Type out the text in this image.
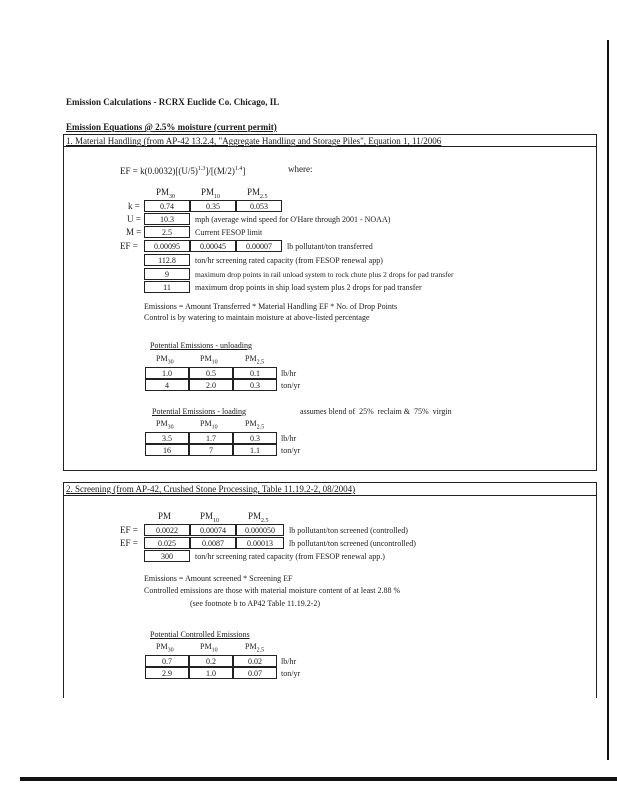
Emission Calculations - RCRX Euclide Co. Chicago, IL
Emission Equations @ 2.5% moisture (current permit)
1. Material Handling (from AP-42 13.2.4, "Aggregate Handling and Storage Piles", Equation 1, 11/2006
EF = $k(0.0032)[(U/5)^{1.3}]/[(M/2)^{1.4}]$	where:
$PM_{30}$	$PM_{10}$	$PM_{2.5}$
k =	0.74	0.35	0.053
U =	10.3	mph (average wind speed for O'Hare through 2001 - NOAA)
M =	2.5	Current FESOP limit
EF =	0.00095	0.00045	0.00007	lb pollutant/ton transferred
112.8	ton/hr screening rated capacity (from FESOP renewal app)
9	maximum drop points in rail unload system to rock chute plus 2 drops for pad transfer
11	maximum drop points in ship load system plus 2 drops for pad transfer
Emissions = Amount Transferred * Material Handling EF * No. of Drop Points
Control is by watering to maintain moisture at above-listed percentage
Potential Emissions - unloading
$PM_{30}$	$PM_{10}$	$PM_{2.5}$
1.0	0.5	0.1	lb/hr
4	2.0	0.3	ton/yr
Potential Emissions - loading	assumes blend of  25%  reclaim &  75%  virgin
$PM_{30}$	$PM_{10}$	$PM_{2.5}$
3.5	1.7	0.3	lb/hr
16	7	1.1	ton/yr
2. Screening (from AP-42, Crushed Stone Processing, Table 11.19.2-2, 08/2004)
PM	$PM_{10}$	$PM_{2.5}$
EF =	0.0022	0.00074	0.000050	lb pollutant/ton screened (controlled)
EF =	0.025	0.0087	0.00013	lb pollutant/ton screened (uncontrolled)
300	ton/hr screening rated capacity (from FESOP renewal app.)
Emissions = Amount screened * Screening EF
Controlled emissions are those with material moisture content of at least 2.88 %
(see footnote b to AP42 Table 11.19.2-2)
Potential Controlled Emissions
$PM_{30}$	$PM_{10}$	$PM_{2.5}$
0.7	0.2	0.02	lb/hr
2.9	1.0	0.07	ton/yr
